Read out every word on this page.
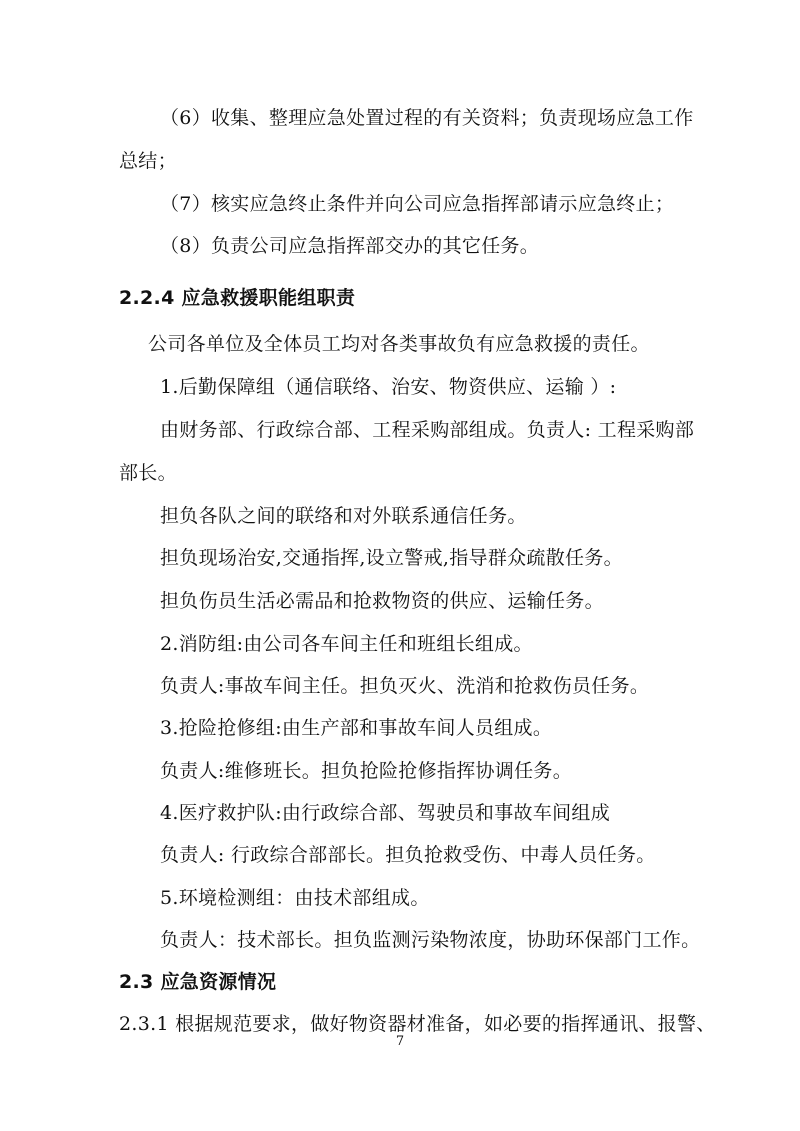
（6）收集、整理应急处置过程的有关资料；负责现场应急工作
总结；
（7）核实应急终止条件并向公司应急指挥部请示应急终止；
（8）负责公司应急指挥部交办的其它任务。
2.2.4 应急救援职能组职责
公司各单位及全体员工均对各类事故负有应急救援的责任。
1.后勤保障组（通信联络、治安、物资供应、运输 ）:
由财务部、行政综合部、工程采购部组成。负责人: 工程采购部
部长。
担负各队之间的联络和对外联系通信任务。
担负现场治安,交通指挥,设立警戒,指导群众疏散任务。
担负伤员生活必需品和抢救物资的供应、运输任务。
2.消防组:由公司各车间主任和班组长组成。
负责人:事故车间主任。担负灭火、洗消和抢救伤员任务。
3.抢险抢修组:由生产部和事故车间人员组成。
负责人:维修班长。担负抢险抢修指挥协调任务。
4.医疗救护队:由行政综合部、驾驶员和事故车间组成
负责人: 行政综合部部长。担负抢救受伤、中毒人员任务。
5.环境检测组：由技术部组成。
负责人：技术部长。担负监测污染物浓度，协助环保部门工作。
2.3 应急资源情况
2.3.1 根据规范要求，做好物资器材准备，如必要的指挥通讯、报警、
7
